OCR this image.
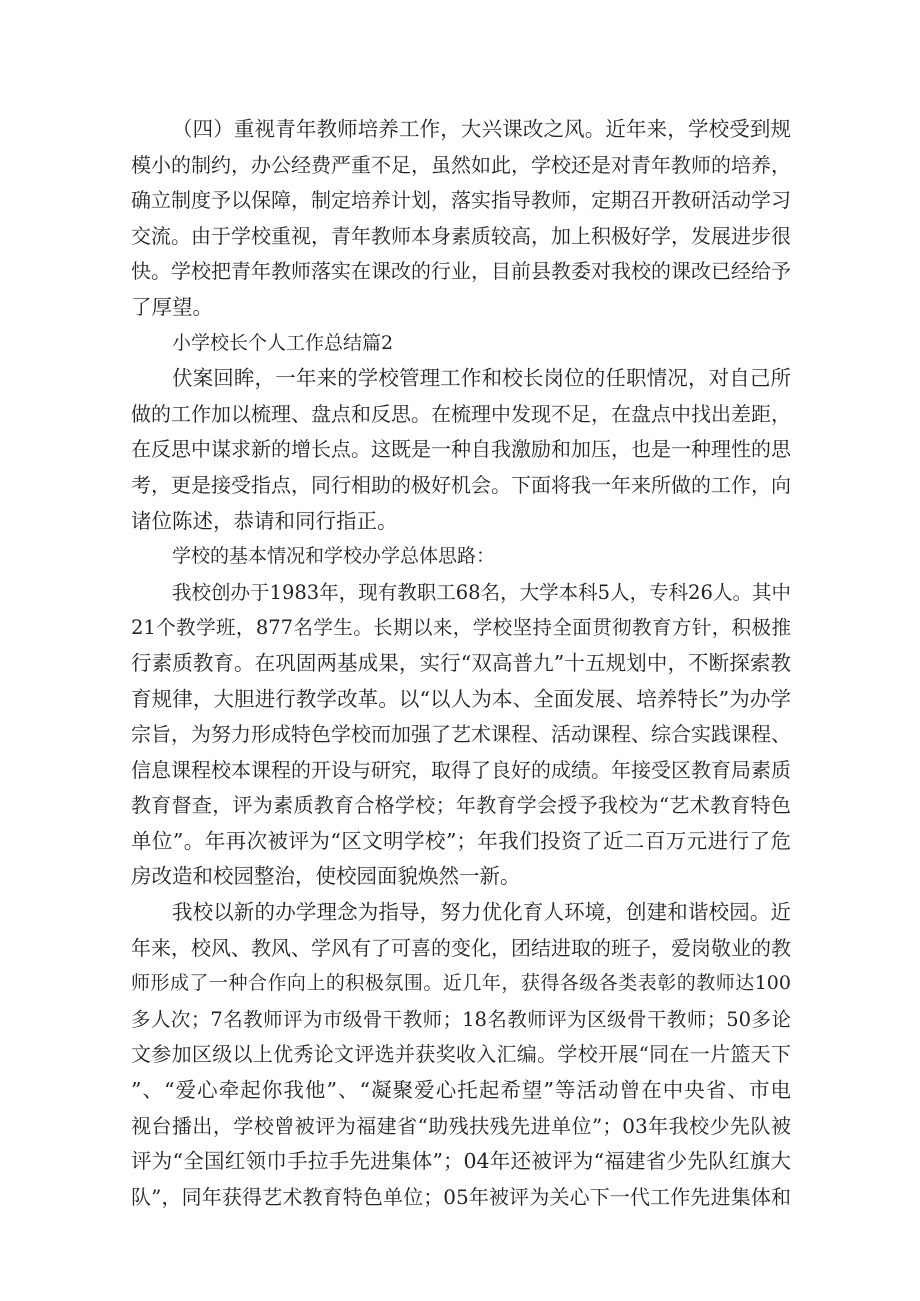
（四）重视青年教师培养工作，大兴课改之风。近年来，学校受到规
模小的制约，办公经费严重不足，虽然如此，学校还是对青年教师的培养，
确立制度予以保障，制定培养计划，落实指导教师，定期召开教研活动学习
交流。由于学校重视，青年教师本身素质较高，加上积极好学，发展进步很
快。学校把青年教师落实在课改的行业，目前县教委对我校的课改已经给予
了厚望。
小学校长个人工作总结篇2
伏案回眸，一年来的学校管理工作和校长岗位的任职情况，对自己所
做的工作加以梳理、盘点和反思。在梳理中发现不足，在盘点中找出差距，
在反思中谋求新的增长点。这既是一种自我激励和加压，也是一种理性的思
考，更是接受指点，同行相助的极好机会。下面将我一年来所做的工作，向
诸位陈述，恭请和同行指正。
学校的基本情况和学校办学总体思路：
我校创办于1983年，现有教职工68名，大学本科5人，专科26人。其中
21个教学班，877名学生。长期以来，学校坚持全面贯彻教育方针，积极推
行素质教育。在巩固两基成果，实行“双高普九”十五规划中，不断探索教
育规律，大胆进行教学改革。以“以人为本、全面发展、培养特长”为办学
宗旨，为努力形成特色学校而加强了艺术课程、活动课程、综合实践课程、
信息课程校本课程的开设与研究，取得了良好的成绩。年接受区教育局素质
教育督查，评为素质教育合格学校；年教育学会授予我校为“艺术教育特色
单位”。年再次被评为“区文明学校”；年我们投资了近二百万元进行了危
房改造和校园整治，使校园面貌焕然一新。
我校以新的办学理念为指导，努力优化育人环境，创建和谐校园。近
年来，校风、教风、学风有了可喜的变化，团结进取的班子，爱岗敬业的教
师形成了一种合作向上的积极氛围。近几年，获得各级各类表彰的教师达100
多人次；7名教师评为市级骨干教师；18名教师评为区级骨干教师；50多论
文参加区级以上优秀论文评选并获奖收入汇编。学校开展“同在一片篮天下
”、“爱心牵起你我他”、“凝聚爱心托起希望”等活动曾在中央省、市电
视台播出，学校曾被评为福建省“助残扶残先进单位”；03年我校少先队被
评为“全国红领巾手拉手先进集体”；04年还被评为“福建省少先队红旗大
队”，同年获得艺术教育特色单位；05年被评为关心下一代工作先进集体和
